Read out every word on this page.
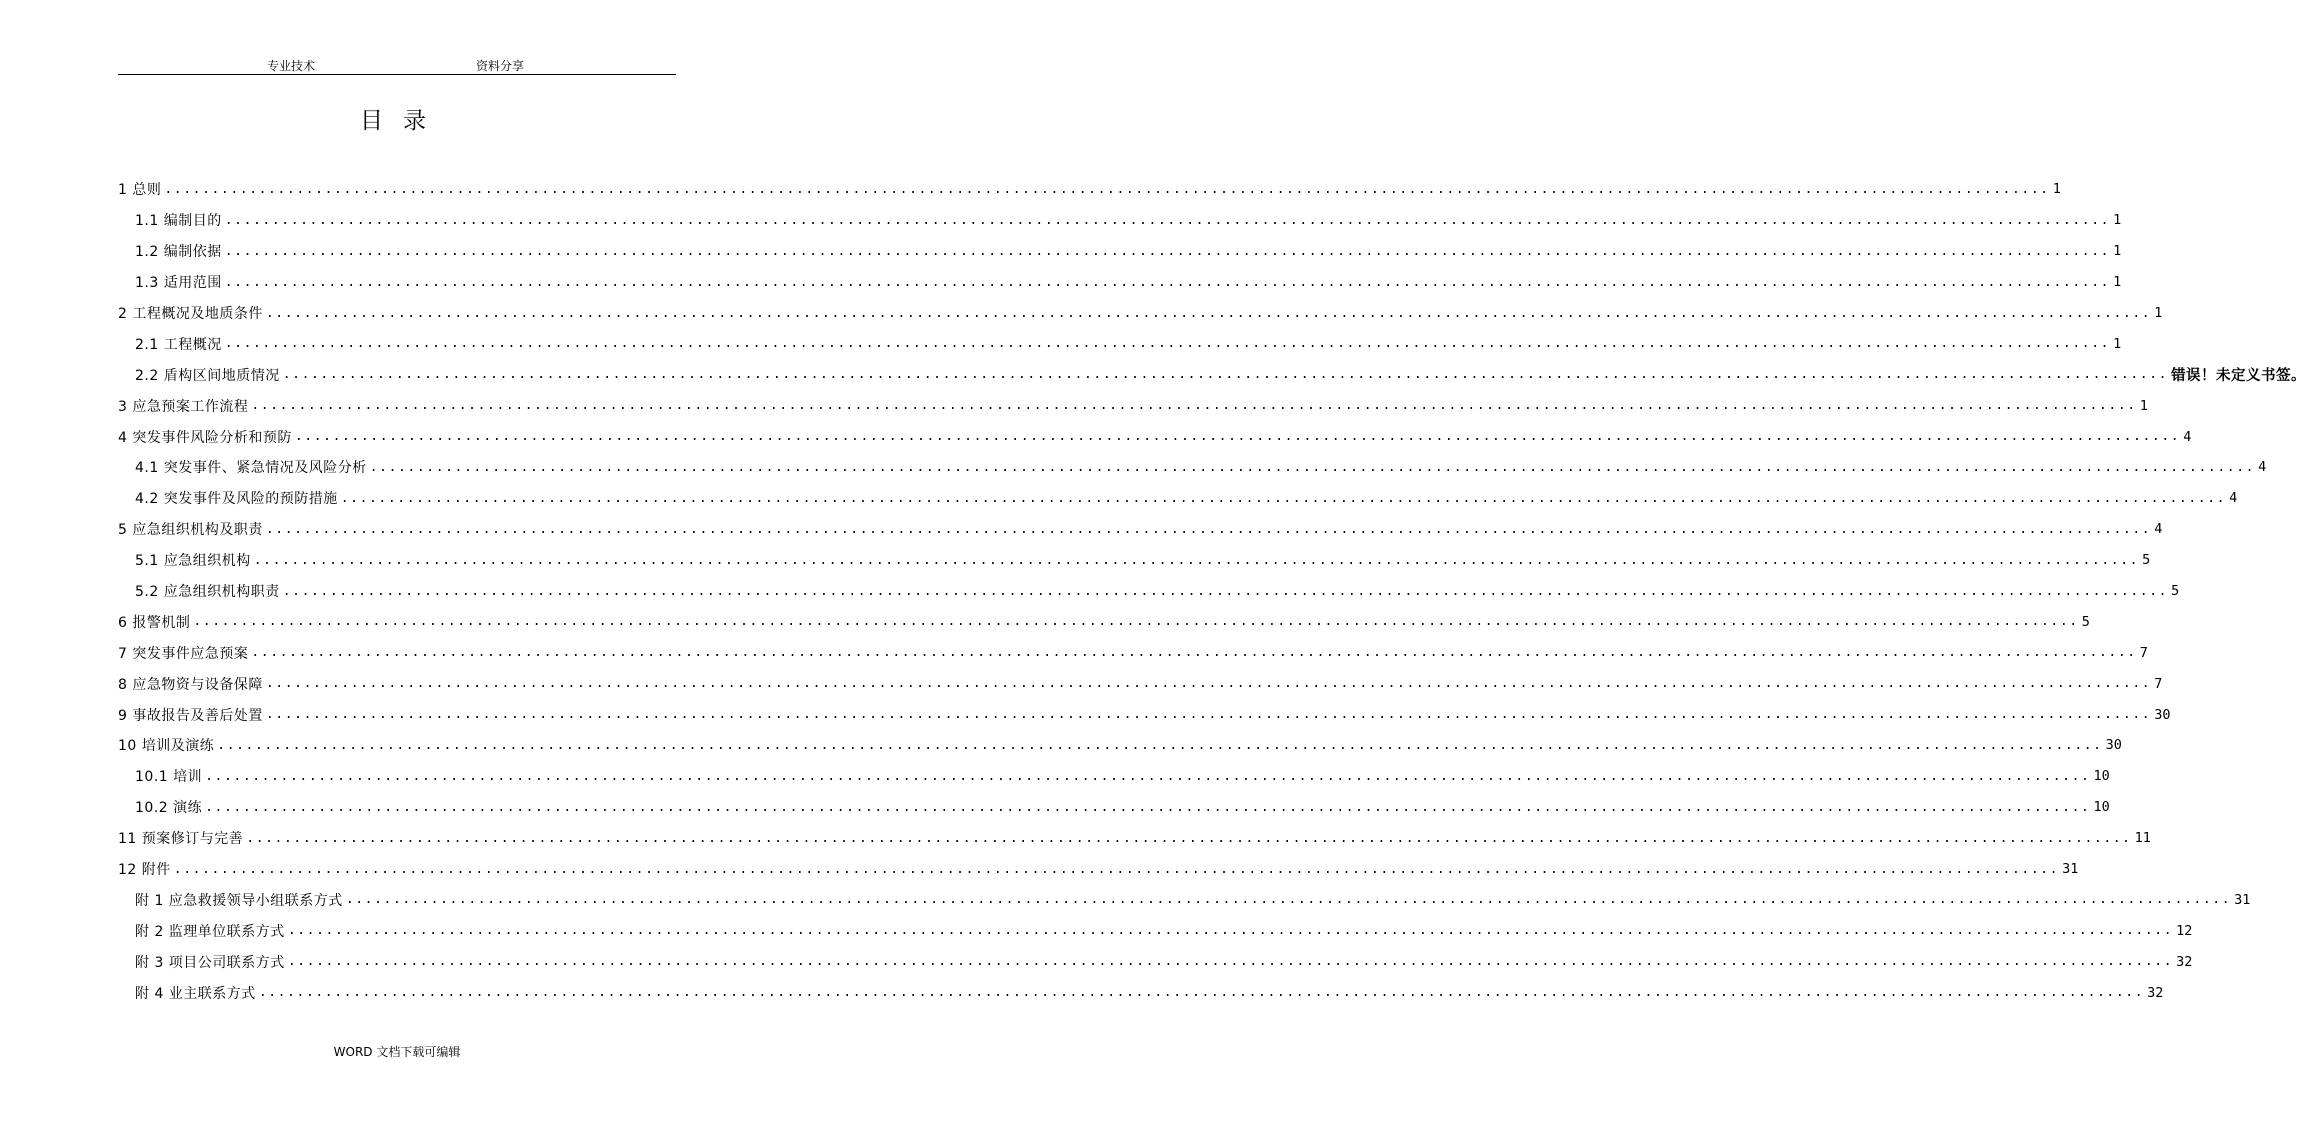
专业技术	资料分享
目录
1 总则 ........................................................................................................................................................................................................ 1
1.1 编制目的 ........................................................................................................................................................................................................ 1
1.2 编制依据 ........................................................................................................................................................................................................ 1
1.3 适用范围 ........................................................................................................................................................................................................ 1
2 工程概况及地质条件 ........................................................................................................................................................................................................ 1
2.1 工程概况 ........................................................................................................................................................................................................ 1
2.2 盾构区间地质情况 ........................................................................................................................................................................................................ 错误！未定义书签。
3 应急预案工作流程 ........................................................................................................................................................................................................ 1
4 突发事件风险分析和预防 ........................................................................................................................................................................................................ 4
4.1 突发事件、紧急情况及风险分析 ........................................................................................................................................................................................................ 4
4.2 突发事件及风险的预防措施 ........................................................................................................................................................................................................ 4
5 应急组织机构及职责 ........................................................................................................................................................................................................ 4
5.1 应急组织机构 ........................................................................................................................................................................................................ 5
5.2 应急组织机构职责 ........................................................................................................................................................................................................ 5
6 报警机制 ........................................................................................................................................................................................................ 5
7 突发事件应急预案 ........................................................................................................................................................................................................ 7
8 应急物资与设备保障 ........................................................................................................................................................................................................ 7
9 事故报告及善后处置 ........................................................................................................................................................................................................ 30
10 培训及演练 ........................................................................................................................................................................................................ 30
10.1 培训 ........................................................................................................................................................................................................ 10
10.2 演练 ........................................................................................................................................................................................................ 10
11 预案修订与完善 ........................................................................................................................................................................................................ 11
12 附件 ........................................................................................................................................................................................................ 31
附 1 应急救援领导小组联系方式 ........................................................................................................................................................................................................ 31
附 2 监理单位联系方式 ........................................................................................................................................................................................................ 12
附 3 项目公司联系方式 ........................................................................................................................................................................................................ 32
附 4 业主联系方式 ........................................................................................................................................................................................................ 32
WORD 文档下载可编辑
